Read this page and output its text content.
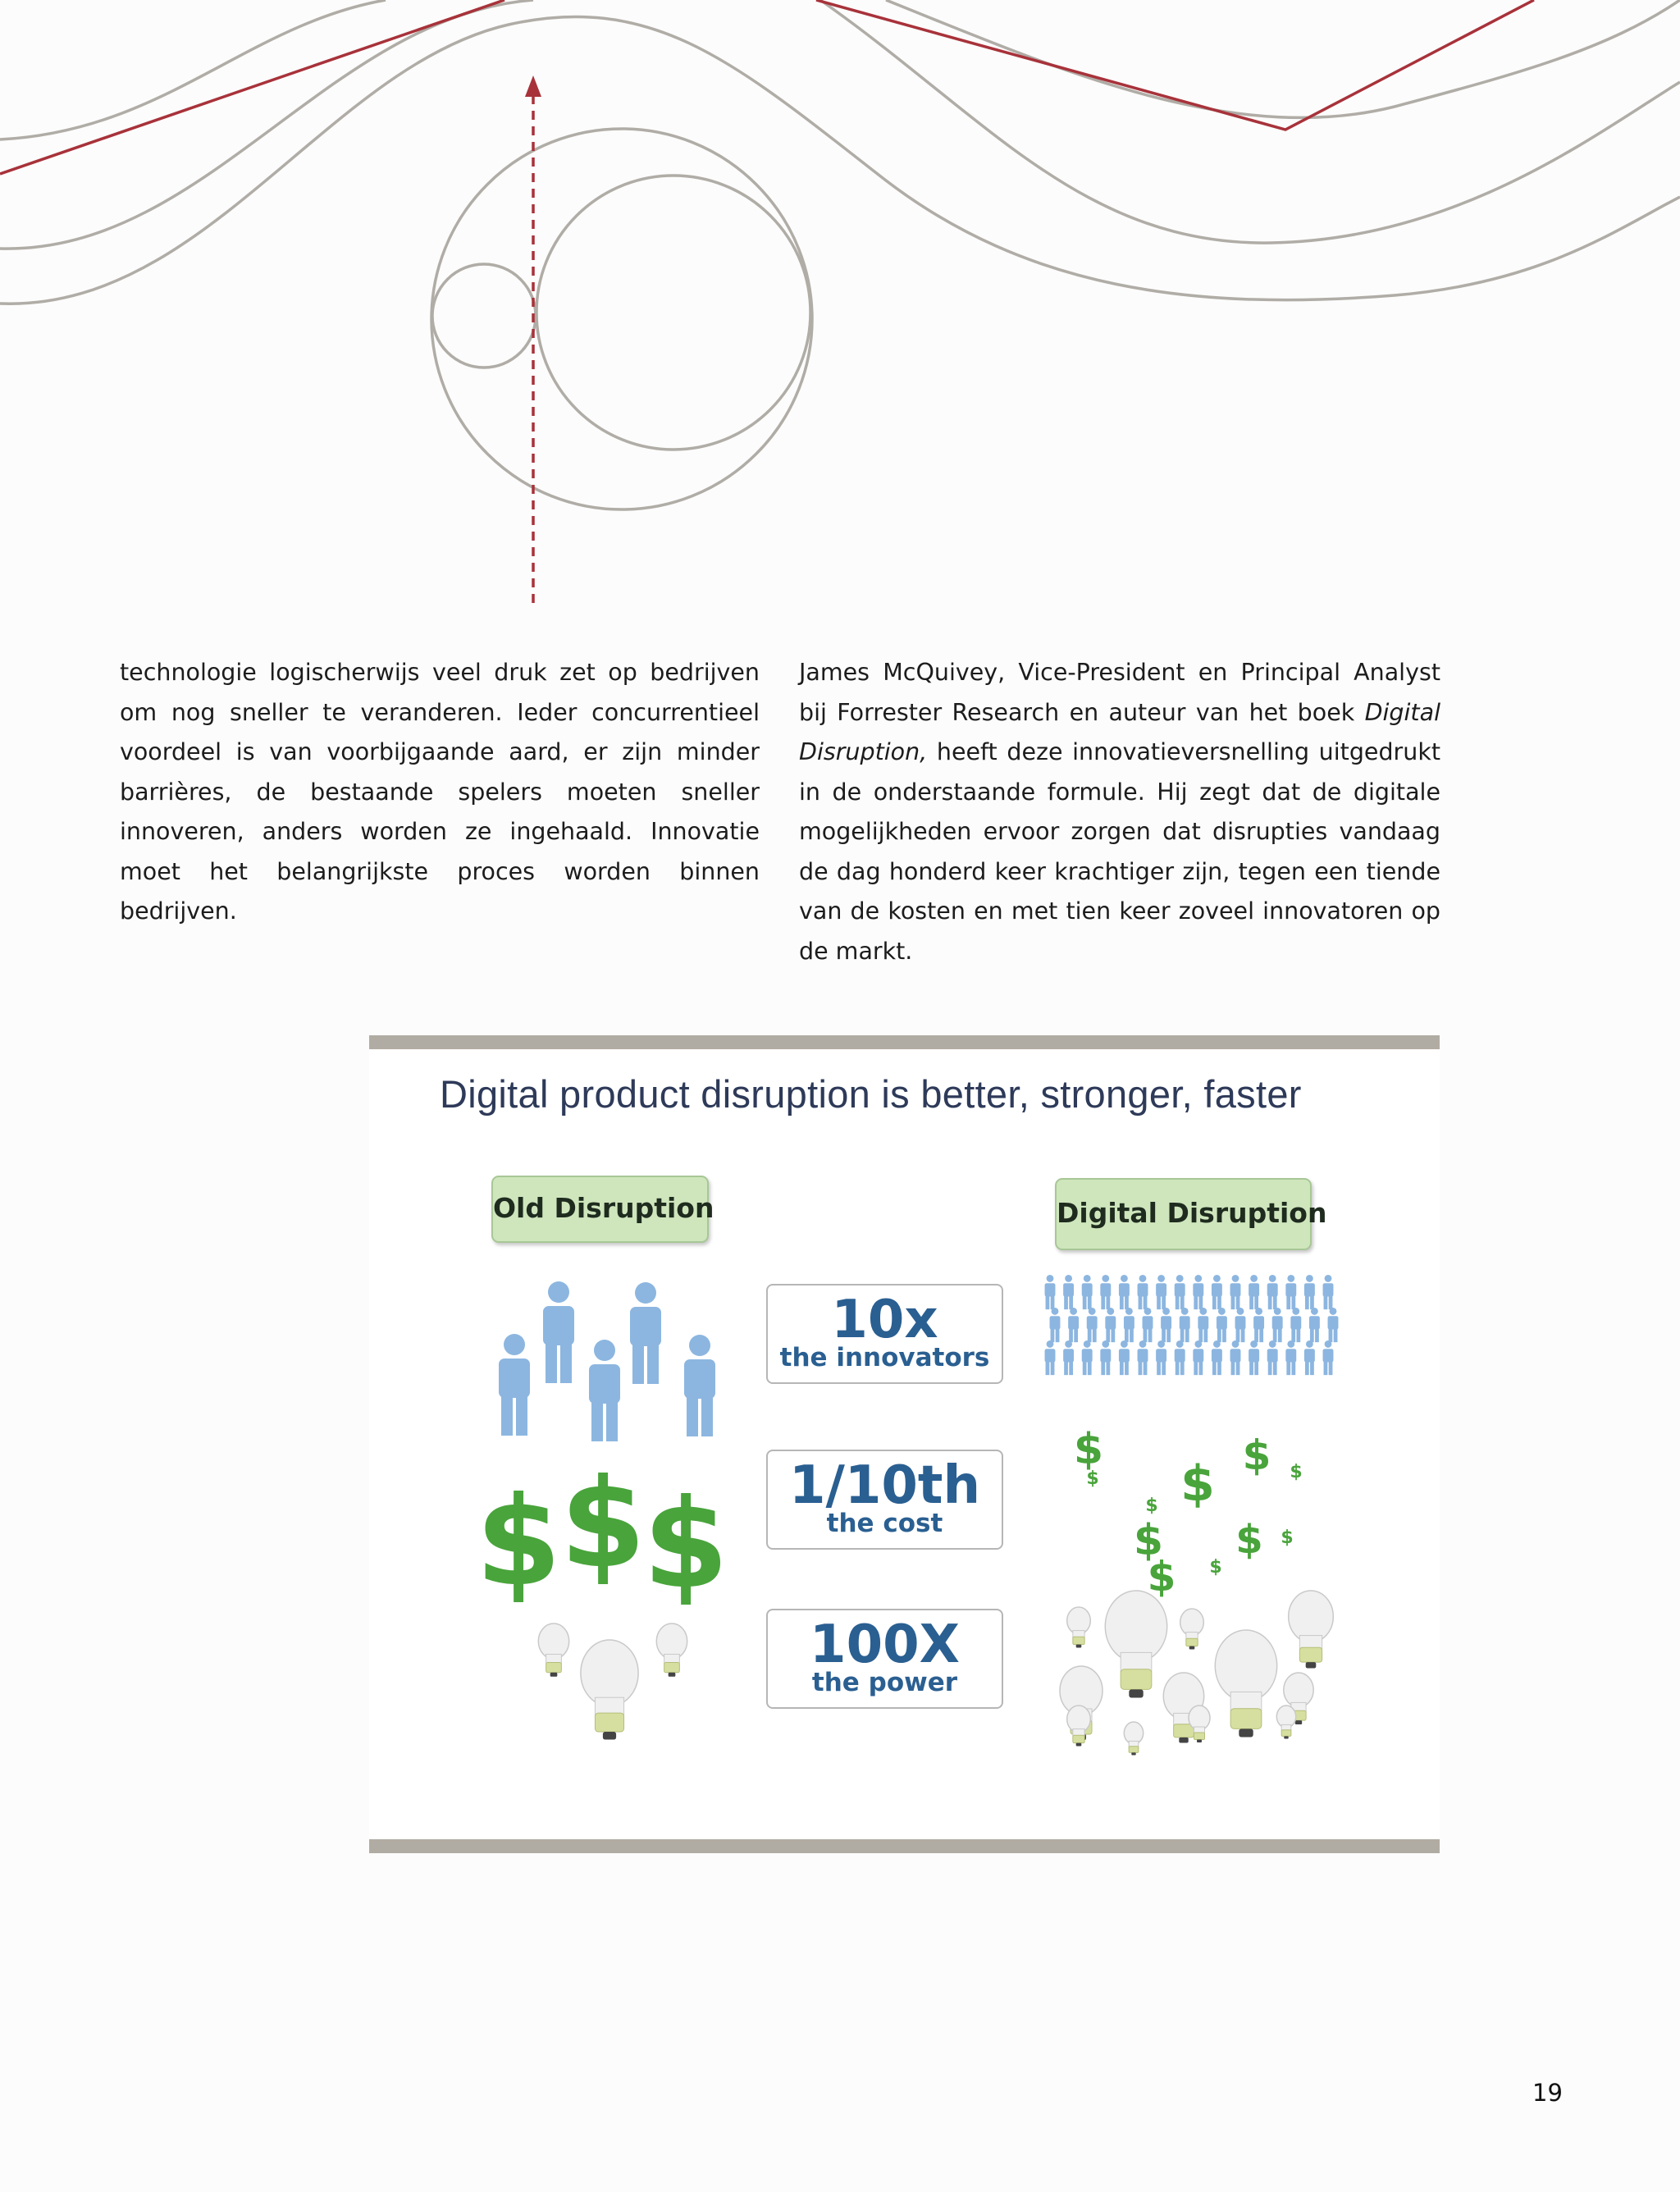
technologie logischerwijs veel druk zet op bedrijven om nog sneller te veranderen. Ieder concurrentieel voordeel is van voorbijgaande aard, er zijn minder barrières, de bestaande spelers moeten sneller innoveren, anders worden ze ingehaald. Innovatie moet het belangrijkste proces worden binnen bedrijven.

James McQuivey, Vice-President en Principal Analyst bij Forrester Research en auteur van het boek Digital Disruption, heeft deze innovatieversnelling uitgedrukt in de onderstaande formule. Hij zegt dat de digitale mogelijkheden ervoor zorgen dat disrupties vandaag de dag honderd keer krachtiger zijn, tegen een tiende van de kosten en met tien keer zoveel innovatoren op de markt.

Digital product disruption is better, stronger, faster
Old Disruption	Digital Disruption
$
$
$
$	$
$
$ $
$
$	$
$
$
$
10x
the innovators
1/10th
the cost
100X
the power
19
